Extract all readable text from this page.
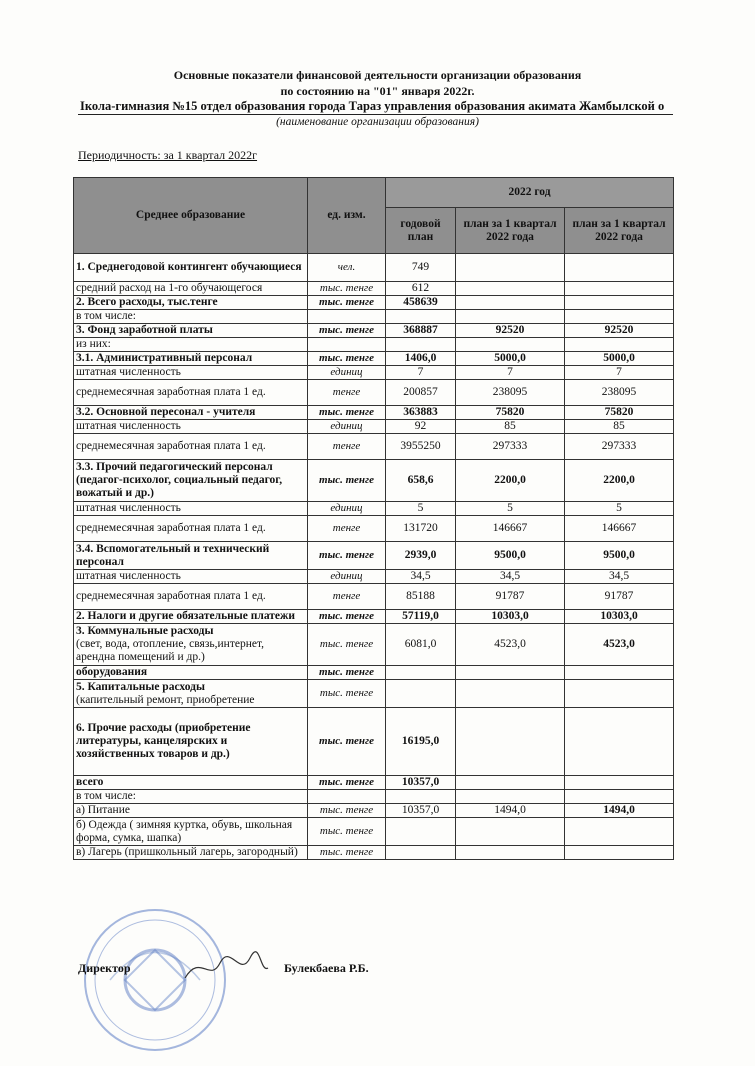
Основные показатели финансовой деятельности организации образования
по состоянию на "01" января 2022г.
Ікола-гимназия №15 отдел образования города Тараз управления образования акимата Жамбылской о
(наименование организации образования)
Периодичность: за 1 квартал 2022г
Среднее образование	ед. изм.	2022 год		
		годовой план	план за 1 квартал 2022 года	план за 1 квартал 2022 года
1. Среднегодовой контингент обучающиеся	чел.	749		
средний расход на 1-го обучающегося	тыс. тенге	612		
2. Всего расходы, тыс.тенге	тыс. тенге	458639		
в том числе:				
3. Фонд заработной платы	тыс. тенге	368887	92520	92520
из них:				
3.1. Административный персонал	тыс. тенге	1406,0	5000,0	5000,0
штатная численность	единиц	7	7	7
среднемесячная заработная плата 1 ед.	тенге	200857	238095	238095
3.2. Основной пересонал - учителя	тыс. тенге	363883	75820	75820
штатная численность	единиц	92	85	85
среднемесячная заработная плата 1 ед.	тенге	3955250	297333	297333
3.3. Прочий педагогический персонал (педагог-психолог, социальный педагог, вожатый и др.)	тыс. тенге	658,6	2200,0	2200,0
штатная численность	единиц	5	5	5
среднемесячная заработная плата 1 ед.	тенге	131720	146667	146667
3.4. Вспомогательный и технический персонал	тыс. тенге	2939,0	9500,0	9500,0
штатная численность	единиц	34,5	34,5	34,5
среднемесячная заработная плата 1 ед.	тенге	85188	91787	91787
2. Налоги и другие обязательные платежи	тыс. тенге	57119,0	10303,0	10303,0
3. Коммунальные расходы
(свет, вода, отопление, связь,интернет, арендна помещений и др.)	тыс. тенге	6081,0	4523,0	4523,0
оборудования	тыс. тенге			
5. Капитальные расходы
(капительный ремонт, приобретение	тыс. тенге			
6. Прочие расходы (приобретение литературы, канцелярских и хозяйственных товаров и др.)	тыс. тенге	16195,0		
всего	тыс. тенге	10357,0		
в том числе:				
а) Питание	тыс. тенге	10357,0	1494,0	1494,0
б) Одежда ( зимняя куртка, обувь, школьная форма, сумка, шапка)	тыс. тенге			
в) Лагерь (пришкольный лагерь, загородный)	тыс. тенге			
Директор	Булекбаева Р.Б.
